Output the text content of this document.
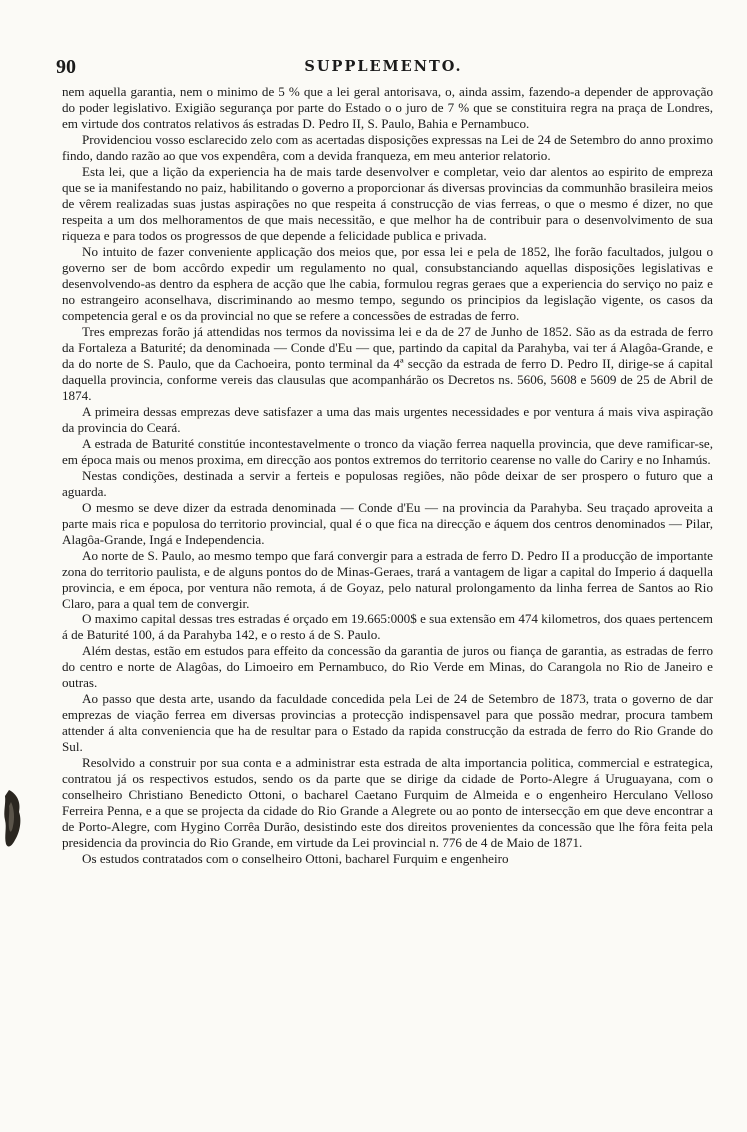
90	SUPPLEMENTO.

nem aquella garantia, nem o minimo de 5 % que a lei geral antorisava, o, ainda assim, fazendo-a depender de approvação do poder legislativo. Exigião segurança por parte do Estado o o juro de 7 % que se constituira regra na praça de Londres, em virtude dos contratos relativos ás estradas D. Pedro II, S. Paulo, Bahia e Pernambuco.

Providenciou vosso esclarecido zelo com as acertadas disposições expressas na Lei de 24 de Setembro do anno proximo findo, dando razão ao que vos expendêra, com a devida franqueza, em meu anterior relatorio.

Esta lei, que a lição da experiencia ha de mais tarde desenvolver e completar, veio dar alentos ao espirito de empreza que se ia manifestando no paiz, habilitando o governo a proporcionar ás diversas provincias da communhão brasileira meios de vêrem realizadas suas justas aspirações no que respeita á construcção de vias ferreas, o que o mesmo é dizer, no que respeita a um dos melhoramentos de que mais necessitão, e que melhor ha de contribuir para o desenvolvimento de sua riqueza e para todos os progressos de que depende a felicidade publica e privada.

No intuito de fazer conveniente applicação dos meios que, por essa lei e pela de 1852, lhe forão facultados, julgou o governo ser de bom accôrdo expedir um regulamento no qual, consubstanciando aquellas disposições legislativas e desenvolvendo-as dentro da esphera de acção que lhe cabia, formulou regras geraes que a experiencia do serviço no paiz e no estrangeiro aconselhava, discriminando ao mesmo tempo, segundo os principios da legislação vigente, os casos da competencia geral e os da provincial no que se refere a concessões de estradas de ferro.

Tres emprezas forão já attendidas nos termos da novissima lei e da de 27 de Junho de 1852. São as da estrada de ferro da Fortaleza a Baturité; da denominada — Conde d'Eu — que, partindo da capital da Parahyba, vai ter á Alagôa-Grande, e da do norte de S. Paulo, que da Cachoeira, ponto terminal da 4ª secção da estrada de ferro D. Pedro II, dirige-se á capital daquella provincia, conforme vereis das clausulas que acompanhárão os Decretos ns. 5606, 5608 e 5609 de 25 de Abril de 1874.

A primeira dessas emprezas deve satisfazer a uma das mais urgentes necessidades e por ventura á mais viva aspiração da provincia do Ceará.

A estrada de Baturité constitúe incontestavelmente o tronco da viação ferrea naquella provincia, que deve ramificar-se, em época mais ou menos proxima, em direcção aos pontos extremos do territorio cearense no valle do Cariry e no Inhamús.

Nestas condições, destinada a servir a ferteis e populosas regiões, não pôde deixar de ser prospero o futuro que a aguarda.

O mesmo se deve dizer da estrada denominada — Conde d'Eu — na provincia da Parahyba. Seu traçado aproveita a parte mais rica e populosa do territorio provincial, qual é o que fica na direcção e áquem dos centros denominados — Pilar, Alagôa-Grande, Ingá e Independencia.

Ao norte de S. Paulo, ao mesmo tempo que fará convergir para a estrada de ferro D. Pedro II a producção de importante zona do territorio paulista, e de alguns pontos do de Minas-Geraes, trará a vantagem de ligar a capital do Imperio á daquella provincia, e em época, por ventura não remota, á de Goyaz, pelo natural prolongamento da linha ferrea de Santos ao Rio Claro, para a qual tem de convergir.

O maximo capital dessas tres estradas é orçado em 19.665:000$ e sua extensão em 474 kilometros, dos quaes pertencem á de Baturité 100, á da Parahyba 142, e o resto á de S. Paulo.

Além destas, estão em estudos para effeito da concessão da garantia de juros ou fiança de garantia, as estradas de ferro do centro e norte de Alagôas, do Limoeiro em Pernambuco, do Rio Verde em Minas, do Carangola no Rio de Janeiro e outras.

Ao passo que desta arte, usando da faculdade concedida pela Lei de 24 de Setembro de 1873, trata o governo de dar emprezas de viação ferrea em diversas provincias a protecção indispensavel para que possão medrar, procura tambem attender á alta conveniencia que ha de resultar para o Estado da rapida construcção da estrada de ferro do Rio Grande do Sul.

Resolvido a construir por sua conta e a administrar esta estrada de alta importancia politica, commercial e estrategica, contratou já os respectivos estudos, sendo os da parte que se dirige da cidade de Porto-Alegre á Uruguayana, com o conselheiro Christiano Benedicto Ottoni, o bacharel Caetano Furquim de Almeida e o engenheiro Herculano Velloso Ferreira Penna, e a que se projecta da cidade do Rio Grande a Alegrete ou ao ponto de intersecção em que deve encontrar a de Porto-Alegre, com Hygino Corrêa Durão, desistindo este dos direitos provenientes da concessão que lhe fôra feita pela presidencia da provincia do Rio Grande, em virtude da Lei provincial n. 776 de 4 de Maio de 1871.

Os estudos contratados com o conselheiro Ottoni, bacharel Furquim e engenheiro
